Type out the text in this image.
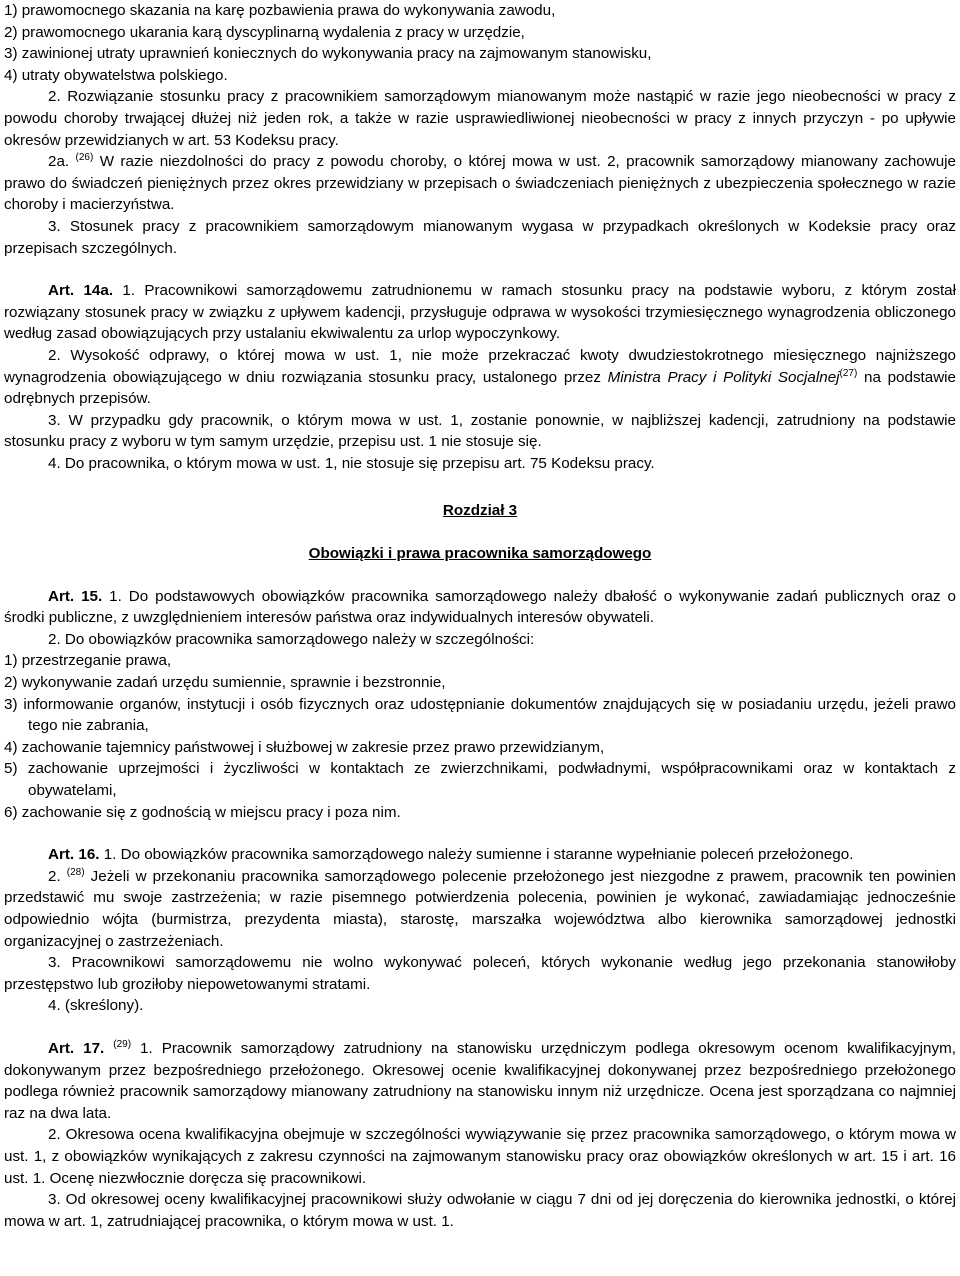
1) prawomocnego skazania na karę pozbawienia prawa do wykonywania zawodu,
2) prawomocnego ukarania karą dyscyplinarną wydalenia z pracy w urzędzie,
3) zawinionej utraty uprawnień koniecznych do wykonywania pracy na zajmowanym stanowisku,
4) utraty obywatelstwa polskiego.

2. Rozwiązanie stosunku pracy z pracownikiem samorządowym mianowanym może nastąpić w razie jego nieobecności w pracy z powodu choroby trwającej dłużej niż jeden rok, a także w razie usprawiedliwionej nieobecności w pracy z innych przyczyn - po upływie okresów przewidzianych w art. 53 Kodeksu pracy.

2a. $^{(26)}$ W razie niezdolności do pracy z powodu choroby, o której mowa w ust. 2, pracownik samorządowy mianowany zachowuje prawo do świadczeń pieniężnych przez okres przewidziany w przepisach o świadczeniach pieniężnych z ubezpieczenia społecznego w razie choroby i macierzyństwa.

3. Stosunek pracy z pracownikiem samorządowym mianowanym wygasa w przypadkach określonych w Kodeksie pracy oraz przepisach szczególnych.

Art. 14a. 1. Pracownikowi samorządowemu zatrudnionemu w ramach stosunku pracy na podstawie wyboru, z którym został rozwiązany stosunek pracy w związku z upływem kadencji, przysługuje odprawa w wysokości trzymiesięcznego wynagrodzenia obliczonego według zasad obowiązujących przy ustalaniu ekwiwalentu za urlop wypoczynkowy.

2. Wysokość odprawy, o której mowa w ust. 1, nie może przekraczać kwoty dwudziestokrotnego miesięcznego najniższego wynagrodzenia obowiązującego w dniu rozwiązania stosunku pracy, ustalonego przez Ministra Pracy i Polityki Socjalnej$^{(27)}$ na podstawie odrębnych przepisów.

3. W przypadku gdy pracownik, o którym mowa w ust. 1, zostanie ponownie, w najbliższej kadencji, zatrudniony na podstawie stosunku pracy z wyboru w tym samym urzędzie, przepisu ust. 1 nie stosuje się.

4. Do pracownika, o którym mowa w ust. 1, nie stosuje się przepisu art. 75 Kodeksu pracy.

Rozdział 3

Obowiązki i prawa pracownika samorządowego

Art. 15. 1. Do podstawowych obowiązków pracownika samorządowego należy dbałość o wykonywanie zadań publicznych oraz o środki publiczne, z uwzględnieniem interesów państwa oraz indywidualnych interesów obywateli.

2. Do obowiązków pracownika samorządowego należy w szczególności:

1) przestrzeganie prawa,
2) wykonywanie zadań urzędu sumiennie, sprawnie i bezstronnie,
3) informowanie organów, instytucji i osób fizycznych oraz udostępnianie dokumentów znajdujących się w posiadaniu urzędu, jeżeli prawo tego nie zabrania,
4) zachowanie tajemnicy państwowej i służbowej w zakresie przez prawo przewidzianym,
5) zachowanie uprzejmości i życzliwości w kontaktach ze zwierzchnikami, podwładnymi, współpracownikami oraz w kontaktach z obywatelami,
6) zachowanie się z godnością w miejscu pracy i poza nim.

Art. 16. 1. Do obowiązków pracownika samorządowego należy sumienne i staranne wypełnianie poleceń przełożonego.

2. $^{(28)}$ Jeżeli w przekonaniu pracownika samorządowego polecenie przełożonego jest niezgodne z prawem, pracownik ten powinien przedstawić mu swoje zastrzeżenia; w razie pisemnego potwierdzenia polecenia, powinien je wykonać, zawiadamiając jednocześnie odpowiednio wójta (burmistrza, prezydenta miasta), starostę, marszałka województwa albo kierownika samorządowej jednostki organizacyjnej o zastrzeżeniach.

3. Pracownikowi samorządowemu nie wolno wykonywać poleceń, których wykonanie według jego przekonania stanowiłoby przestępstwo lub groziłoby niepowetowanymi stratami.

4. (skreślony).

Art. 17. $^{(29)}$ 1. Pracownik samorządowy zatrudniony na stanowisku urzędniczym podlega okresowym ocenom kwalifikacyjnym, dokonywanym przez bezpośredniego przełożonego. Okresowej ocenie kwalifikacyjnej dokonywanej przez bezpośredniego przełożonego podlega również pracownik samorządowy mianowany zatrudniony na stanowisku innym niż urzędnicze. Ocena jest sporządzana co najmniej raz na dwa lata.

2. Okresowa ocena kwalifikacyjna obejmuje w szczególności wywiązywanie się przez pracownika samorządowego, o którym mowa w ust. 1, z obowiązków wynikających z zakresu czynności na zajmowanym stanowisku pracy oraz obowiązków określonych w art. 15 i art. 16 ust. 1. Ocenę niezwłocznie doręcza się pracownikowi.

3. Od okresowej oceny kwalifikacyjnej pracownikowi służy odwołanie w ciągu 7 dni od jej doręczenia do kierownika jednostki, o której mowa w art. 1, zatrudniającej pracownika, o którym mowa w ust. 1.
